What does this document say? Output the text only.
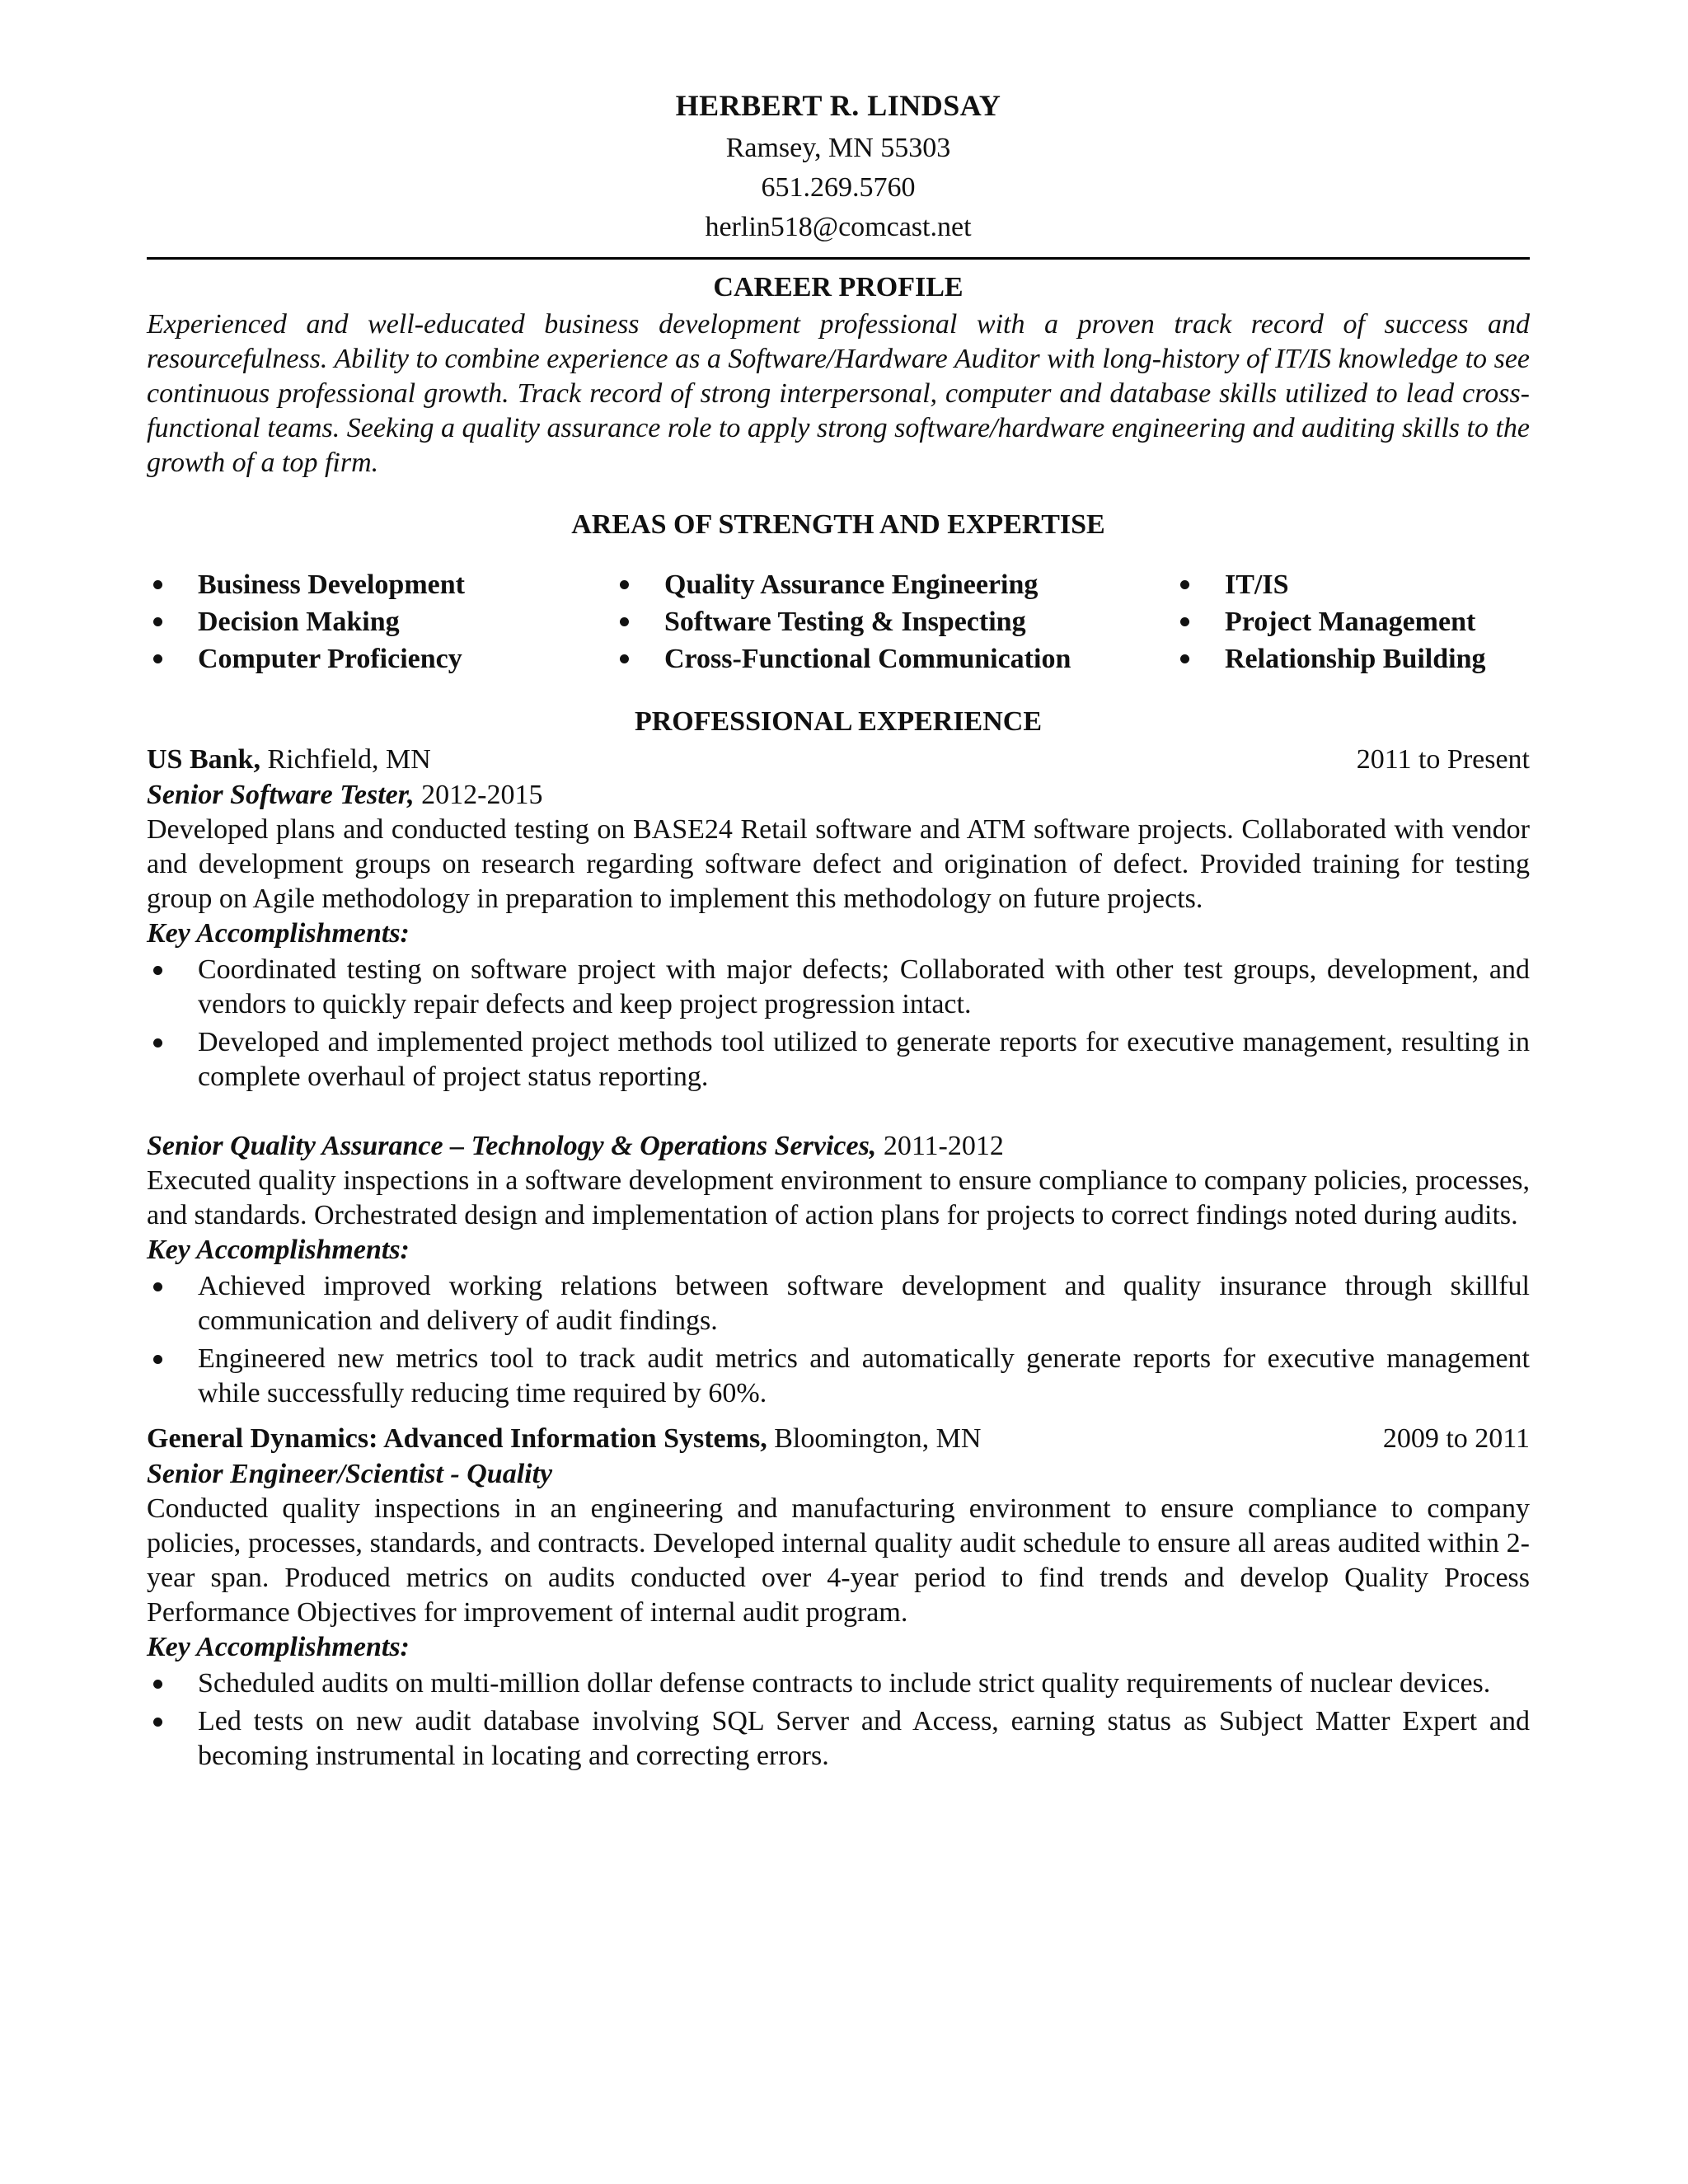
HERBERT R. LINDSAY
Ramsey, MN 55303
651.269.5760
herlin518@comcast.net
CAREER PROFILE

Experienced and well-educated business development professional with a proven track record of success and resourcefulness. Ability to combine experience as a Software/Hardware Auditor with long-history of IT/IS knowledge to see continuous professional growth. Track record of strong interpersonal, computer and database skills utilized to lead cross-functional teams. Seeking a quality assurance role to apply strong software/hardware engineering and auditing skills to the growth of a top firm.

AREAS OF STRENGTH AND EXPERTISE
Business Development
Decision Making
Computer Proficiency
Quality Assurance Engineering
Software Testing & Inspecting
Cross-Functional Communication
IT/IS
Project Management
Relationship Building
PROFESSIONAL EXPERIENCE
US Bank, Richfield, MN	2011 to Present
Senior Software Tester, 2012-2015

Developed plans and conducted testing on BASE24 Retail software and ATM software projects. Collaborated with vendor and development groups on research regarding software defect and origination of defect. Provided training for testing group on Agile methodology in preparation to implement this methodology on future projects.

Key Accomplishments:
Coordinated testing on software project with major defects; Collaborated with other test groups, development, and vendors to quickly repair defects and keep project progression intact.
Developed and implemented project methods tool utilized to generate reports for executive management, resulting in complete overhaul of project status reporting.
Senior Quality Assurance – Technology & Operations Services, 2011-2012

Executed quality inspections in a software development environment to ensure compliance to company policies, processes, and standards. Orchestrated design and implementation of action plans for projects to correct findings noted during audits.

Key Accomplishments:
Achieved improved working relations between software development and quality insurance through skillful communication and delivery of audit findings.
Engineered new metrics tool to track audit metrics and automatically generate reports for executive management while successfully reducing time required by 60%.
General Dynamics: Advanced Information Systems, Bloomington, MN	2009 to 2011
Senior Engineer/Scientist - Quality

Conducted quality inspections in an engineering and manufacturing environment to ensure compliance to company policies, processes, standards, and contracts. Developed internal quality audit schedule to ensure all areas audited within 2-year span. Produced metrics on audits conducted over 4-year period to find trends and develop Quality Process Performance Objectives for improvement of internal audit program.

Key Accomplishments:
Scheduled audits on multi-million dollar defense contracts to include strict quality requirements of nuclear devices.
Led tests on new audit database involving SQL Server and Access, earning status as Subject Matter Expert and becoming instrumental in locating and correcting errors.
